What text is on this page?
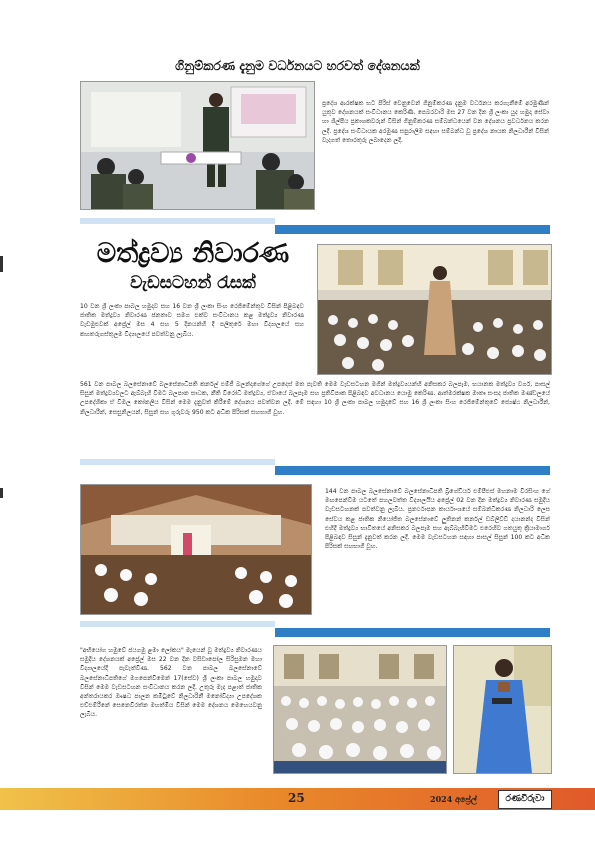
ගිනුම්කරණ දැනුම වර්ධනයට හරවත් දේශනයක්
ප්‍රදේශ ආරක්ෂක භට පිරිස් වෙනුවෙන් ගිනුම්කරණ දැනුම වර්ධනය කරගැනීමේ අරමුණින් යුතුව දේශනයක් සංවිධානය කෙරිණි. පෙබරවාරි මස 27 වන දින ශ්‍රී ලංකා යුද හමුදා සේවා හා ශිල්පීය ප්‍රකාශකවරුන් විසින් ගිනුම්කරණ සම්බන්ධයෙන් වන දේශනය ප්‍රවර්ධනය කරන ලදී. ප්‍රදේශ සංවිධායක අරමුණ සපුරාලීම සඳහා සම්බන්ධ වූ ප්‍රදේශ නායක නිලධාරීන් විසින් වැදගත් තොරතුරු ලබාදෙන ලදී.
මත්ද්‍රව්‍ය නිවාරණ
වැඩසටහන් රැසක්
10 වන ශ්‍රී ලංකා පාබල හමුදාව සහ 16 වන ශ්‍රී ලංකා සිංහ රෙජිමේන්තුව විසින් පිළිබඳව ජාතික මත්ද්‍රව්‍ය නිවාරණ ජනතාව සමග එක්ව සංවිධානය කළ මත්ද්‍රව්‍ය නිවාරණ වැඩමුළුවක් අප්‍රේල් මස 4 සහ 5 දිනයන්හි දී පලිතුරේ මහා විද්‍යාලයේ සහ කහතරුගස්තුලම විද්‍යාලයේ පවත්වනු ලැබිය.
561 වන පාබල බලසේනාවේ බලසේනාධිපති කර්නල් එම්ජී බලන්දාගේගේ උපදෙස් මත පැවති මෙම වැඩසටහන මගින් මත්ද්‍රව්‍යයන්හි අනිසකර බලපෑම, භයානක මත්ද්‍රව්‍ය වර්ග, පාසල් සිසුන් මත්ද්‍රව්‍යවලට ඇබ්බැහි වීමට බලපාන සාධක, නීති විරෝධී මත්ද්‍රව්‍ය, ඒවායේ බලපෑම සහ ප්‍රතිවිපාක පිළිබඳව අවධානය යොමු කෙරිණ. ආත්මරක්ෂක මාතෘ සංසද ජාතික මණ්ඩලයේ උපදේශිකා ඒ විමල කෝනලිය විසින් මෙම දැනුවත් කිරීමේ දේශනය පවත්වන ලදී. මේ සඳහා 10 ශ්‍රී ලංකා පාබල හමුදාවේ සහ 16 ශ්‍රී ලංකා සිංහ රෙජිමේන්තුවේ ජ්‍යෙෂ්ඨ නිලධාරීන්, නිලධාරීන්, සෙසුනිලයන්, සිසුන් සහ ගුරුවරු 950 කට අධික පිරිසක් සහභාගී වූහ.
144 වන පාබල බලසේනාවේ බලසේනාධිපති බ්‍රිගේඩියර් එම්පීඑස් මහනාම වීරසිංහ ගේ මඟපෙන්වීම යටතේ පහලවත්ත විද්‍යාලයීය අප්‍රේල් 02 වන දින මත්ද්‍රව්‍ය නිවාරණ සමුදීය වැඩසටහනක් පවත්වනු ලැබිය. ප්‍රනර්ථාපන කාර්යාංශයේ සම්බන්ධීකරණ නිලධාරි ලෙස සේවය කළ ජාතික නියෝජිත බලසේනාවේ ලුතිනන් කර්නල් ඩබ්ලිව්ඩී දයානන්ද විසින් එහිදී මත්ද්‍රව්‍ය භාවිතයේ අනිසකර බලපෑම සහ ඇබ්බැහිවීමට එරෙහිව ගතයුතු ක්‍රියාමාර්ග පිළිබඳව සිසුන් දැනුවත් කරන ලදී. මෙම වැඩසටහන සඳහා පාසල් සිසුන් 100 කට අධික පිරිසක් සහභාගී වූහ.
"අභියෝග හමුවේ ජයගමු ළමා ලෝකය" මැයෙන් වූ මත්ද්‍රව්‍ය නිවාරණය සමුදීය දේශනයක් අප්‍රේල් මස 22 වන දින වසිඩාපෝල සිරිසුමන මහා විද්‍යාලයේදී පැවැත්විණ. 562 වන පාබල බලසේනාවේ බලසේනාධිපතිගේ මගපෙන්වීමෙන් 17(සේව) ශ්‍රී ලංකා පාබල හමුදාව විසින් මෙම වැඩසටහන සංවිධානය කරන ලදී. උතුරු මැද පළාත් ජාතික අන්තරායකර ඖෂධ පාලන කමිටුවේ නිලධාරිනී මනෝවිද්‍යා උපදේශක එච්එම්රීනේ සෙනෙවිරත්න මහත්මිය විසින් මෙම දේශනය මෙහෙයවනු ලැබිය.
25	2024 අප්‍රේල්	රණවිරුවා
